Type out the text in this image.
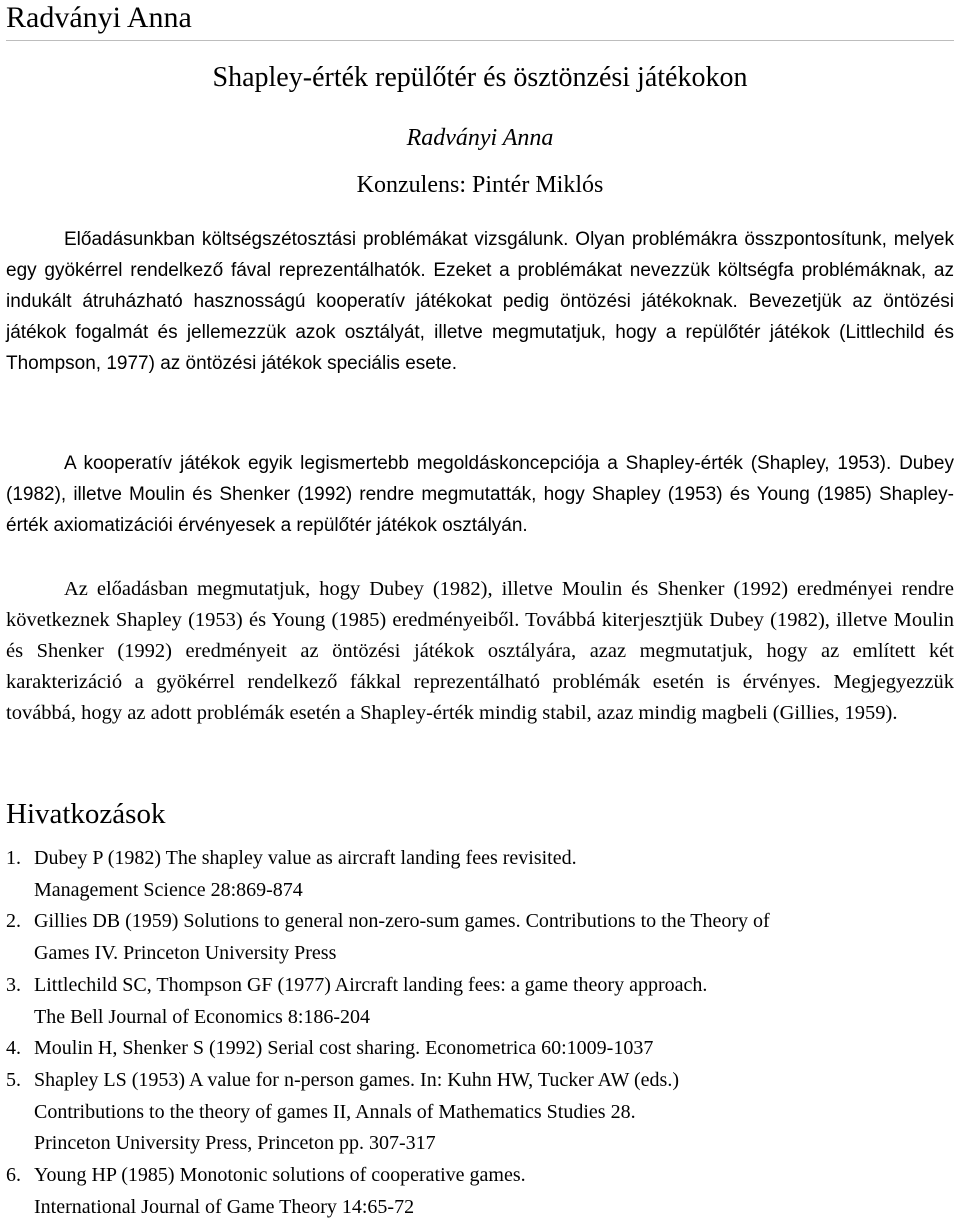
Radványi Anna
Shapley-érték repülőtér és ösztönzési játékokon
Radványi Anna
Konzulens: Pintér Miklós

Előadásunkban költségszétosztási problémákat vizsgálunk. Olyan problémákra összpontosítunk, melyek egy gyökérrel rendelkező fával reprezentálhatók. Ezeket a problémákat nevezzük költségfa problémáknak, az indukált átruházható hasznosságú kooperatív játékokat pedig öntözési játékoknak. Bevezetjük az öntözési játékok fogalmát és jellemezzük azok osztályát, illetve megmutatjuk, hogy a repülőtér játékok (Littlechild és Thompson, 1977) az öntözési játékok speciális esete.

A kooperatív játékok egyik legismertebb megoldáskoncepciója a Shapley-érték (Shapley, 1953). Dubey (1982), illetve Moulin és Shenker (1992) rendre megmutatták, hogy Shapley (1953) és Young (1985) Shapley-érték axiomatizációi érvényesek a repülőtér játékok osztályán.

Az előadásban megmutatjuk, hogy Dubey (1982), illetve Moulin és Shenker (1992) eredményei rendre következnek Shapley (1953) és Young (1985) eredményeiből. Továbbá kiterjesztjük Dubey (1982), illetve Moulin és Shenker (1992) eredményeit az öntözési játékok osztályára, azaz megmutatjuk, hogy az említett két karakterizáció a gyökérrel rendelkező fákkal reprezentálható problémák esetén is érvényes. Megjegyezzük továbbá, hogy az adott problémák esetén a Shapley-érték mindig stabil, azaz mindig magbeli (Gillies, 1959).

Hivatkozások
1. Dubey P (1982) The shapley value as aircraft landing fees revisited.
Management Science 28:869-874
2. Gillies DB (1959) Solutions to general non-zero-sum games. Contributions to the Theory of
Games IV. Princeton University Press
3. Littlechild SC, Thompson GF (1977) Aircraft landing fees: a game theory approach.
The Bell Journal of Economics 8:186-204
4. Moulin H, Shenker S (1992) Serial cost sharing. Econometrica 60:1009-1037
5. Shapley LS (1953) A value for n-person games. In: Kuhn HW, Tucker AW (eds.)
Contributions to the theory of games II, Annals of Mathematics Studies 28.
Princeton University Press, Princeton pp. 307-317
6. Young HP (1985) Monotonic solutions of cooperative games.
International Journal of Game Theory 14:65-72
